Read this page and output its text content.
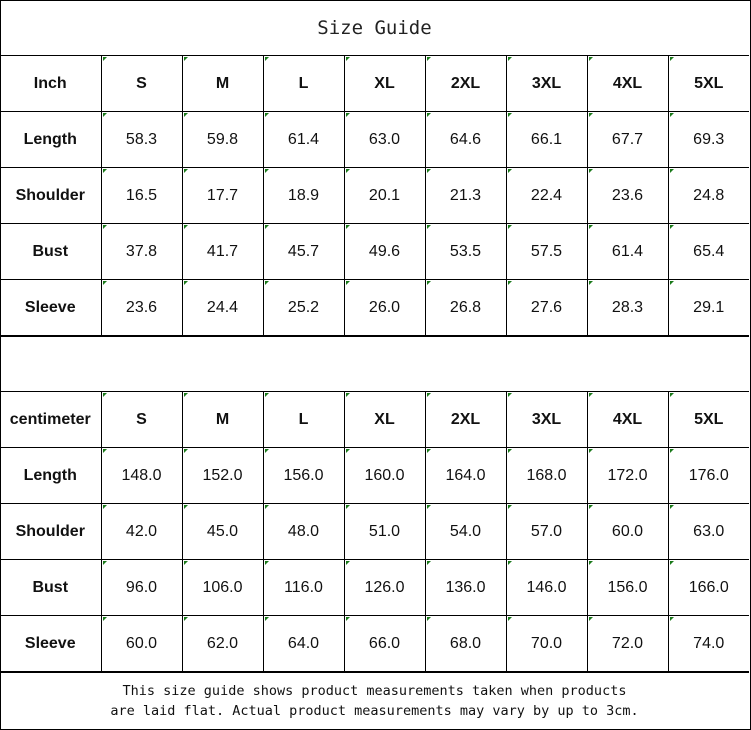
Size Guide
Inch	S	M	L	XL	2XL	3XL	4XL	5XL
Length	58.3	59.8	61.4	63.0	64.6	66.1	67.7	69.3
Shoulder	16.5	17.7	18.9	20.1	21.3	22.4	23.6	24.8
Bust	37.8	41.7	45.7	49.6	53.5	57.5	61.4	65.4
Sleeve	23.6	24.4	25.2	26.0	26.8	27.6	28.3	29.1
centimeter	S	M	L	XL	2XL	3XL	4XL	5XL
Length	148.0	152.0	156.0	160.0	164.0	168.0	172.0	176.0
Shoulder	42.0	45.0	48.0	51.0	54.0	57.0	60.0	63.0
Bust	96.0	106.0	116.0	126.0	136.0	146.0	156.0	166.0
Sleeve	60.0	62.0	64.0	66.0	68.0	70.0	72.0	74.0
This size guide shows product measurements taken when products
are laid flat. Actual product measurements may vary by up to 3cm.
